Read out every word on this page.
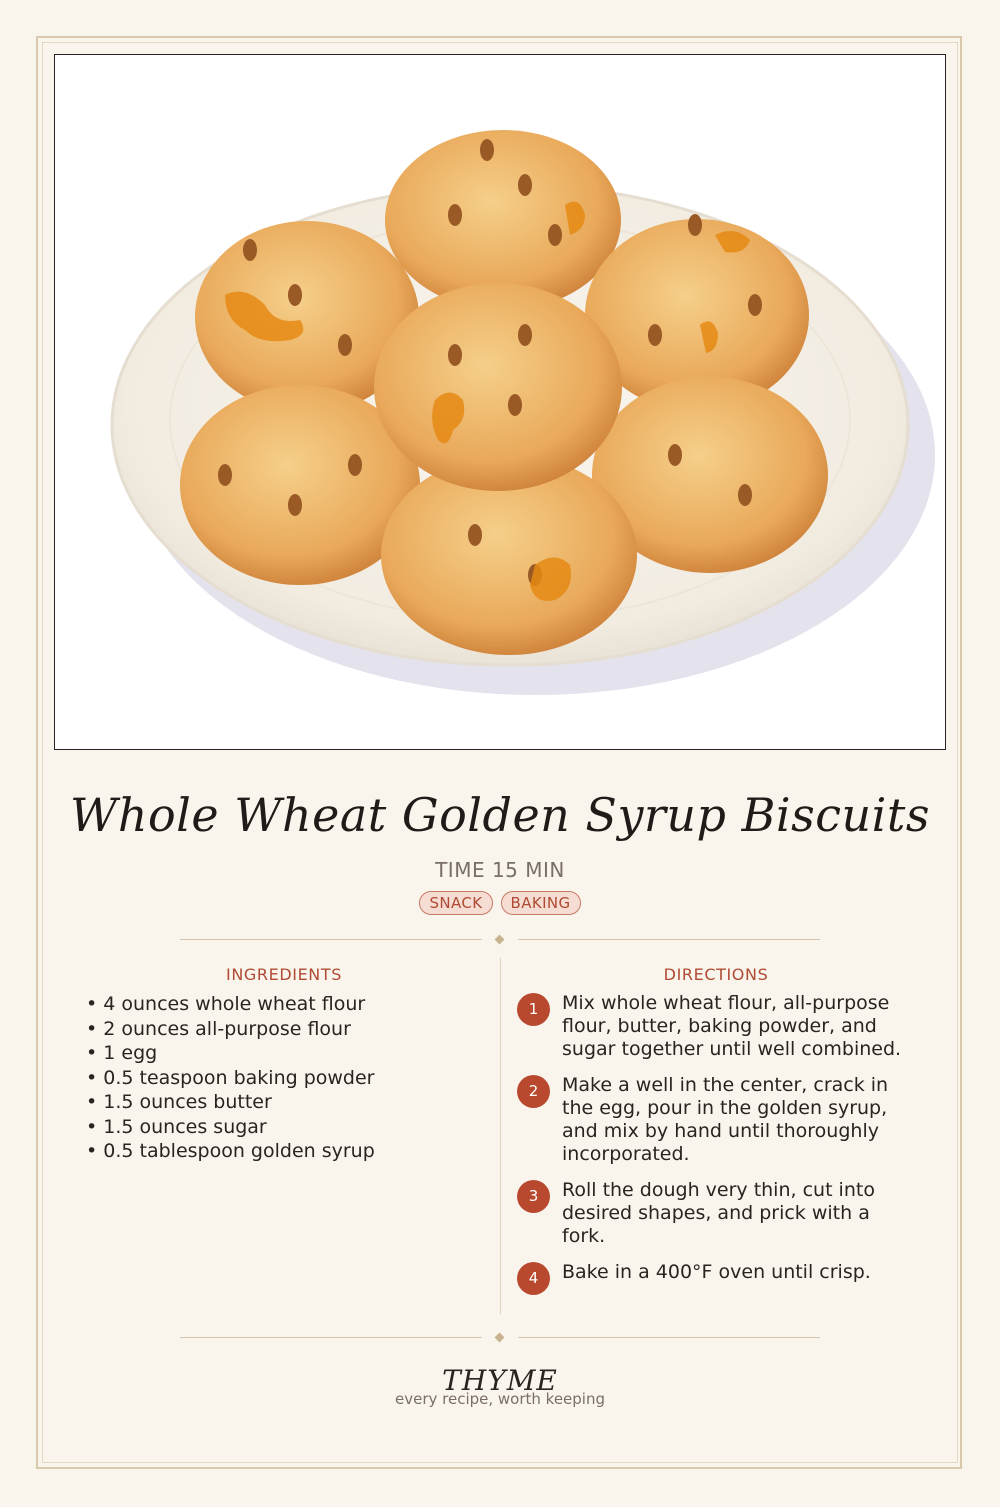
Whole Wheat Golden Syrup Biscuits
TIME 15 MIN
SNACK BAKING
INGREDIENTS	DIRECTIONS
• 4 ounces whole wheat flour
• 2 ounces all-purpose flour
• 1 egg
• 0.5 teaspoon baking powder
• 1.5 ounces butter
• 1.5 ounces sugar
• 0.5 tablespoon golden syrup
1	Mix whole wheat flour, all-purpose flour, butter, baking powder, and sugar together until well combined.
2	Make a well in the center, crack in the egg, pour in the golden syrup, and mix by hand until thoroughly incorporated.
3	Roll the dough very thin, cut into desired shapes, and prick with a fork.
4	Bake in a 400°F oven until crisp.
THYME
every recipe, worth keeping
